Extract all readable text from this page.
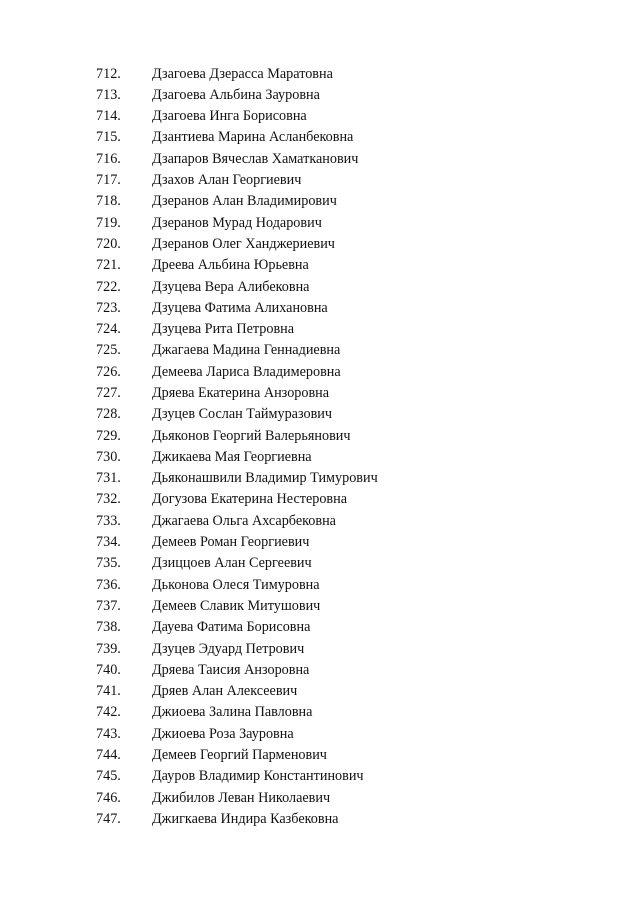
712.	Дзагоева Дзерасса Маратовна
713.	Дзагоева Альбина Зауровна
714.	Дзагоева Инга Борисовна
715.	Дзантиева Марина Асланбековна
716.	Дзапаров Вячеслав Хаматканович
717.	Дзахов Алан Георгиевич
718.	Дзеранов Алан Владимирович
719.	Дзеранов Мурад Нодарович
720.	Дзеранов Олег Ханджериевич
721.	Дреева Альбина Юрьевна
722.	Дзуцева Вера Алибековна
723.	Дзуцева Фатима Алихановна
724.	Дзуцева Рита Петровна
725.	Джагаева Мадина Геннадиевна
726.	Демеева Лариса Владимеровна
727.	Дряева Екатерина Анзоровна
728.	Дзуцев Сослан Таймуразович
729.	Дьяконов Георгий Валерьянович
730.	Джикаева Мая Георгиевна
731.	Дьяконашвили Владимир Тимурович
732.	Догузова Екатерина Нестеровна
733.	Джагаева Ольга Ахсарбековна
734.	Демеев Роман Георгиевич
735.	Дзиццоев Алан Сергеевич
736.	Дьконова Олеся Тимуровна
737.	Демеев Славик Митушович
738.	Дауева Фатима Борисовна
739.	Дзуцев Эдуард Петрович
740.	Дряева Таисия Анзоровна
741.	Дряев Алан Алексеевич
742.	Джиоева Залина Павловна
743.	Джиоева Роза Зауровна
744.	Демеев Георгий Парменович
745.	Дауров Владимир Константинович
746.	Джибилов Леван Николаевич
747.	Джигкаева Индира Казбековна
